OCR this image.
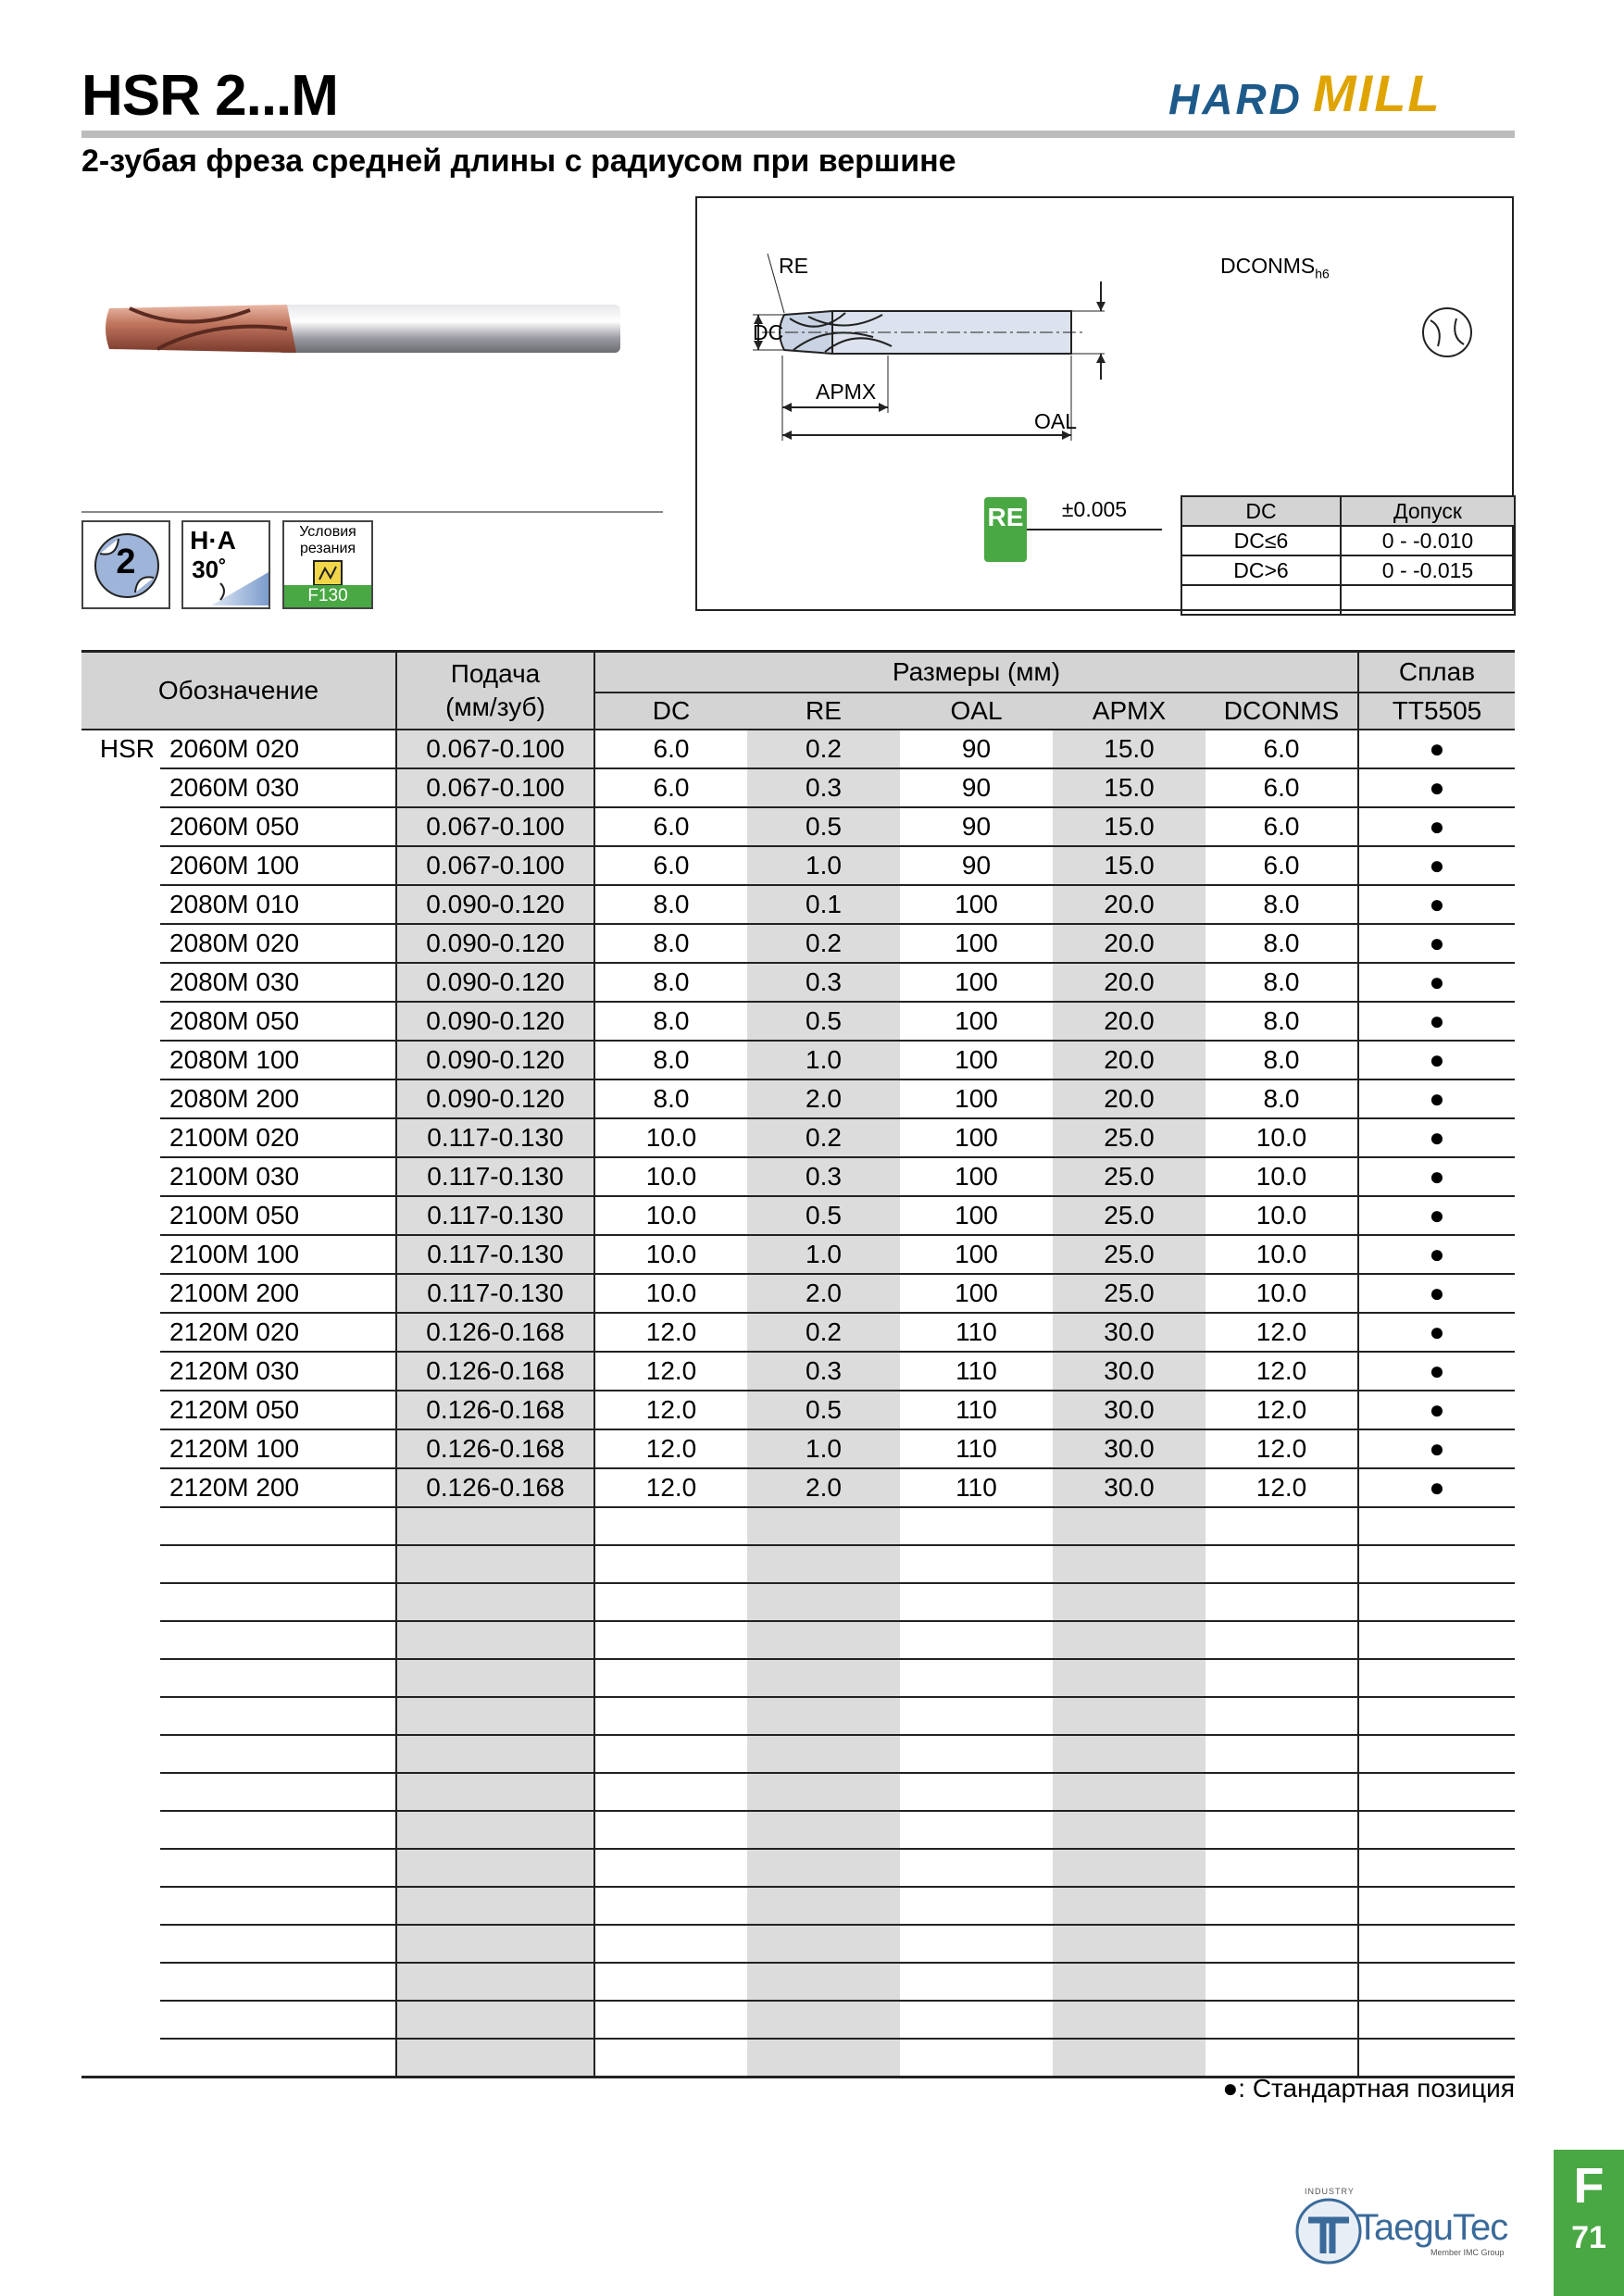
HSR 2...M
2-зубая фреза средней длины с радиусом при вершине
HARD MILL
2
H·A
30˚
Условия
резания
F130
RE
DC
$DCONMS_{h6}$
APMX
OAL
RE	±0.005	DC	Допуск
DC≤6	0 - -0.010
DC>6	0 - -0.015

Обозначение		Подача
(мм/зуб)	Размеры (мм)					Сплав
			DC	RE	OAL	APMX	DCONMS	TT5505
HSR	2060M 020	0.067-0.100	6.0	0.2	90	15.0	6.0	●
	2060M 030	0.067-0.100	6.0	0.3	90	15.0	6.0	●
	2060M 050	0.067-0.100	6.0	0.5	90	15.0	6.0	●
	2060M 100	0.067-0.100	6.0	1.0	90	15.0	6.0	●
	2080M 010	0.090-0.120	8.0	0.1	100	20.0	8.0	●
	2080M 020	0.090-0.120	8.0	0.2	100	20.0	8.0	●
	2080M 030	0.090-0.120	8.0	0.3	100	20.0	8.0	●
	2080M 050	0.090-0.120	8.0	0.5	100	20.0	8.0	●
	2080M 100	0.090-0.120	8.0	1.0	100	20.0	8.0	●
	2080M 200	0.090-0.120	8.0	2.0	100	20.0	8.0	●
	2100M 020	0.117-0.130	10.0	0.2	100	25.0	10.0	●
	2100M 030	0.117-0.130	10.0	0.3	100	25.0	10.0	●
	2100M 050	0.117-0.130	10.0	0.5	100	25.0	10.0	●
	2100M 100	0.117-0.130	10.0	1.0	100	25.0	10.0	●
	2100M 200	0.117-0.130	10.0	2.0	100	25.0	10.0	●
	2120M 020	0.126-0.168	12.0	0.2	110	30.0	12.0	●
	2120M 030	0.126-0.168	12.0	0.3	110	30.0	12.0	●
	2120M 050	0.126-0.168	12.0	0.5	110	30.0	12.0	●
	2120M 100	0.126-0.168	12.0	1.0	110	30.0	12.0	●
	2120M 200	0.126-0.168	12.0	2.0	110	30.0	12.0	●

●: Стандартная позиция
INDUSTRY
TaeguTec
Member IMC Group
F
71
